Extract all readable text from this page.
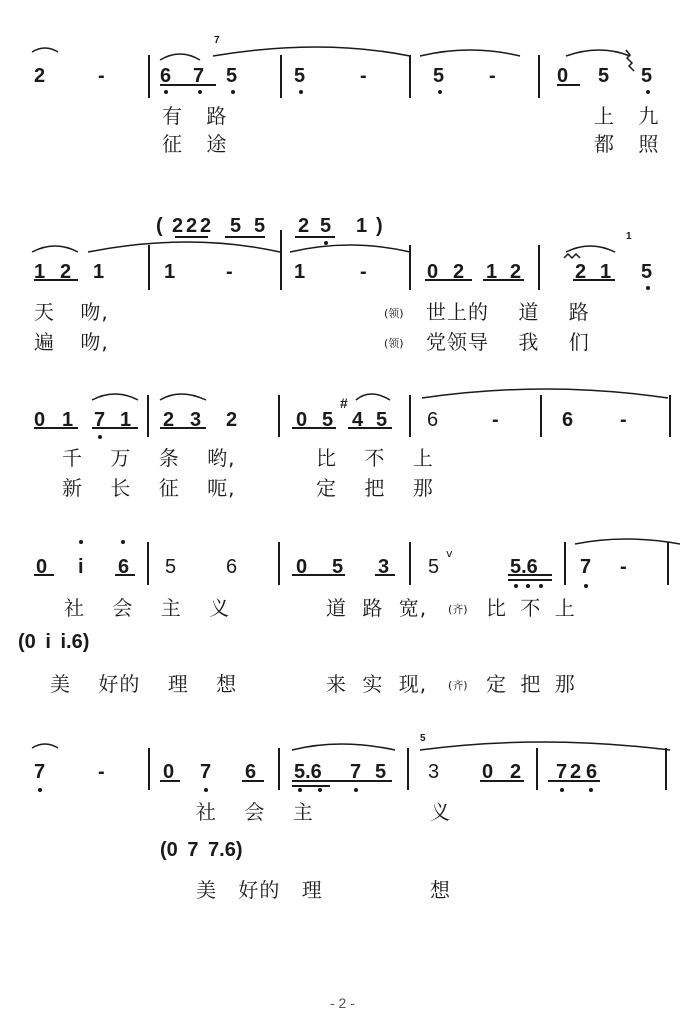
2	-
7
6 7 5	5	-	5 -	0 5 5
有 路	上 九
征 途	都 照
( 2 2 2 5 5 2 5 1 )
1 2 1	1	-	1	-	0 2 1 2	2 1
1
5
天 吻,	(领) 世上的 道 路
遍 吻,	(领) 党领导 我 们
0 1 7 1 2 3 2	0 5
#
4 5 6	-	6 -
千 万 条 哟,	比 不 上
新 长 征 呃,	定 把 那
0 i 6 5 6	0 5 3 5
v
5.6 7 -
社 会 主 义	道 路 宽, (齐) 比 不 上
(0 i i.6)
美 好的 理 想	来 实 现, (齐) 定 把 那
7	-	0 7 6 5.6 7 5
5
3 0 2 7 2 6
社 会 主	义
(0 7 7.6)
美 好的 理	想
- 2 -
